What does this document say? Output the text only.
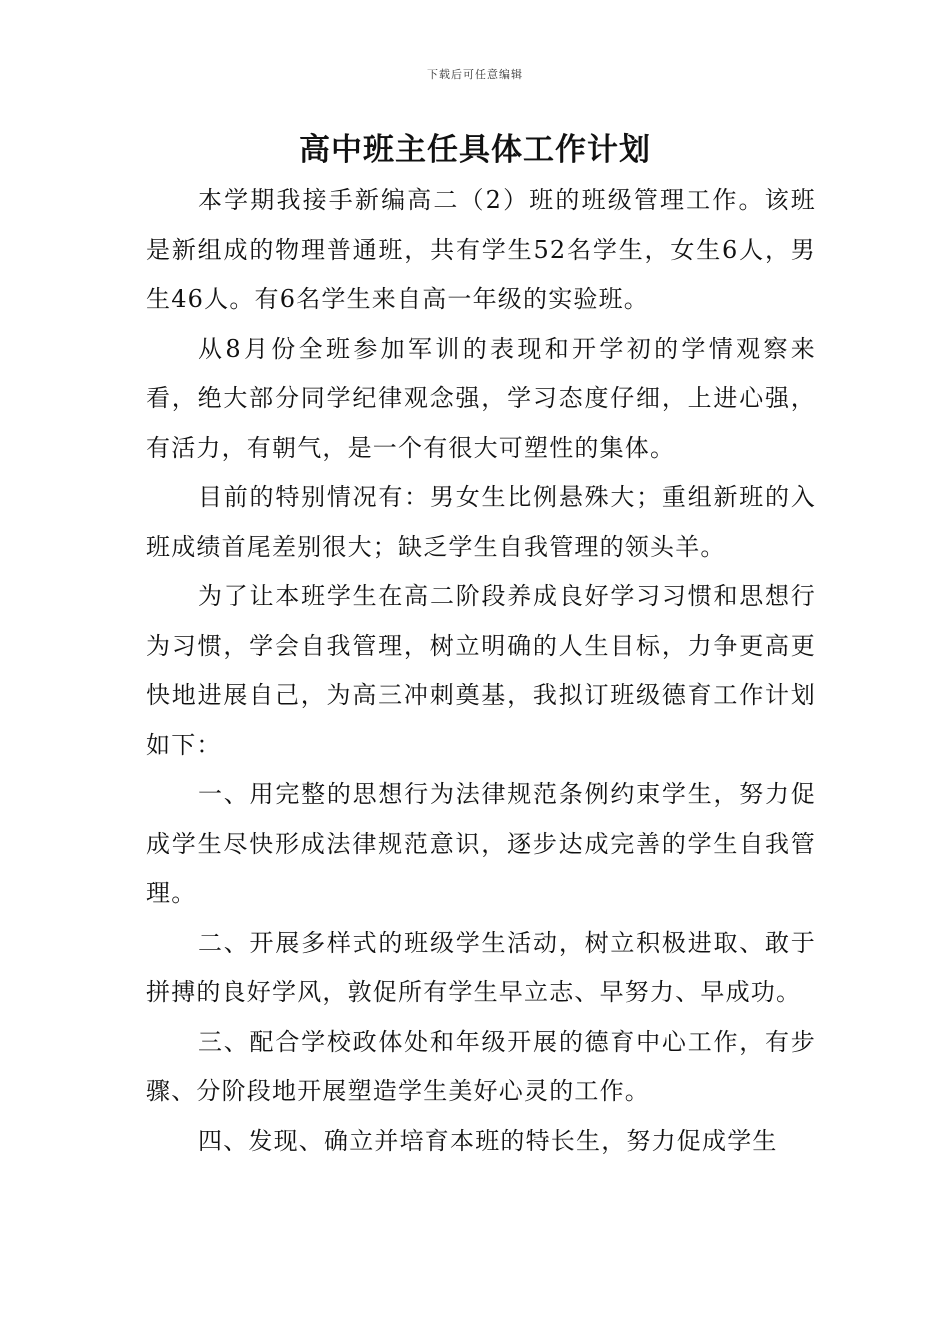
下载后可任意编辑
高中班主任具体工作计划

本学期我接手新编高二（2）班的班级管理工作。该班是新组成的物理普通班，共有学生52名学生，女生6人，男生46人。有6名学生来自高一年级的实验班。

从8月份全班参加军训的表现和开学初的学情观察来看，绝大部分同学纪律观念强，学习态度仔细，上进心强，有活力，有朝气，是一个有很大可塑性的集体。

目前的特别情况有：男女生比例悬殊大；重组新班的入班成绩首尾差别很大；缺乏学生自我管理的领头羊。

为了让本班学生在高二阶段养成良好学习习惯和思想行为习惯，学会自我管理，树立明确的人生目标，力争更高更快地进展自己，为高三冲刺奠基，我拟订班级德育工作计划如下：

一、用完整的思想行为法律规范条例约束学生，努力促成学生尽快形成法律规范意识，逐步达成完善的学生自我管理。

二、开展多样式的班级学生活动，树立积极进取、敢于拼搏的良好学风，敦促所有学生早立志、早努力、早成功。

三、配合学校政体处和年级开展的德育中心工作，有步骤、分阶段地开展塑造学生美好心灵的工作。

四、发现、确立并培育本班的特长生，努力促成学生
